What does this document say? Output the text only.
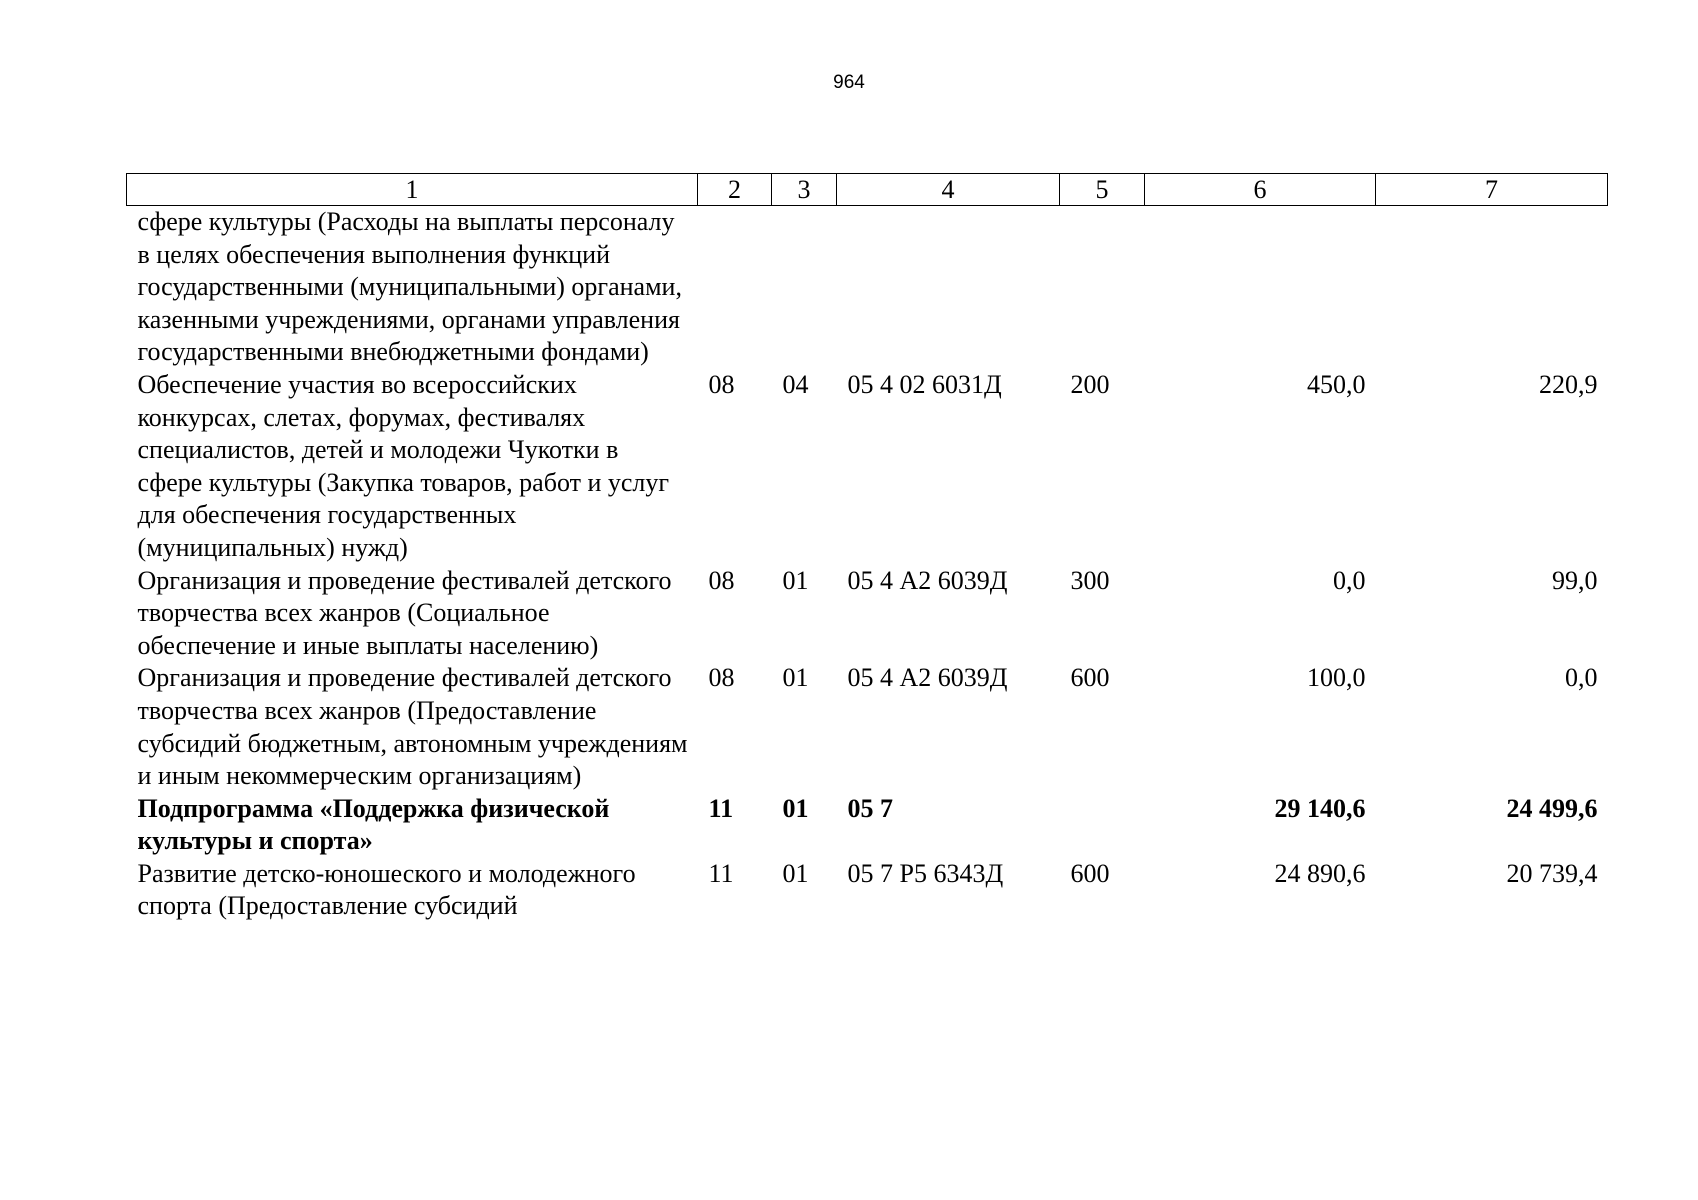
964
1	2	3	4	5	6	7
сфере культуры (Расходы на выплаты персоналу в целях обеспечения выполнения функций государственными (муниципальными) органами, казенными учреждениями, органами управления государственными внебюджетными фондами)						
Обеспечение участия во всероссийских конкурсах, слетах, форумах, фестивалях специалистов, детей и молодежи Чукотки в сфере культуры (Закупка товаров, работ и услуг для обеспечения государственных (муниципальных) нужд)	08	04	05 4 02 6031Д	200	450,0	220,9
Организация и проведение фестивалей детского творчества всех жанров (Социальное обеспечение и иные выплаты населению)	08	01	05 4 А2 6039Д	300	0,0	99,0
Организация и проведение фестивалей детского творчества всех жанров (Предоставление субсидий бюджетным, автономным учреждениям и иным некоммерческим организациям)	08	01	05 4 А2 6039Д	600	100,0	0,0
Подпрограмма «Поддержка физической культуры и спорта»	11	01	05 7		29 140,6	24 499,6
Развитие детско-юношеского и молодежного спорта (Предоставление субсидий	11	01	05 7 Р5 6343Д	600	24 890,6	20 739,4
